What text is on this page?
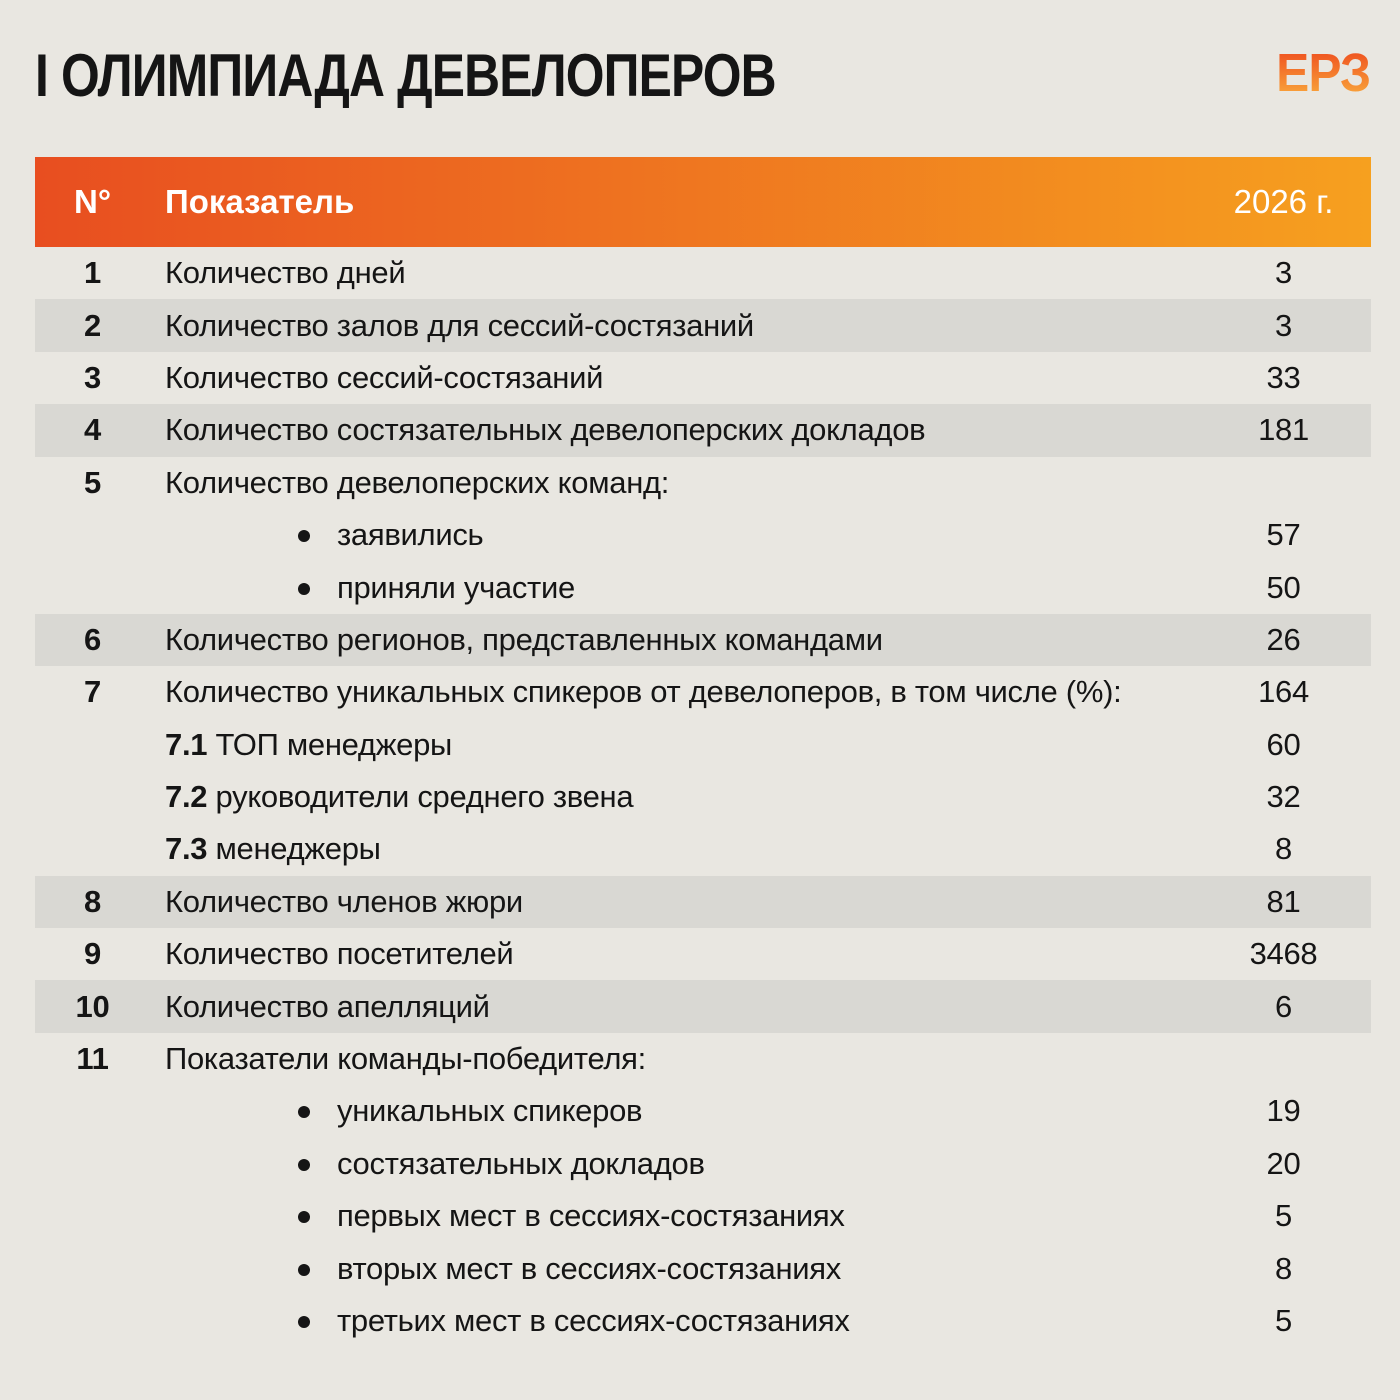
I ОЛИМПИАДА ДЕВЕЛОПЕРОВ	ЕРЗ
N°	Показатель	2026 г.
1	Количество дней	3
2	Количество залов для сессий-состязаний	3
3	Количество сессий-состязаний	33
4	Количество состязательных девелоперских докладов	181
5	Количество девелоперских команд:
заявились	57
приняли участие	50
6	Количество регионов, представленных командами	26
7	Количество уникальных спикеров от девелоперов, в том числе (%):	164
7.1 ТОП менеджеры	60
7.2 руководители среднего звена	32
7.3 менеджеры	8
8	Количество членов жюри	81
9	Количество посетителей	3468
10	Количество апелляций	6
11	Показатели команды-победителя:
уникальных спикеров	19
состязательных докладов	20
первых мест в сессиях-состязаниях	5
вторых мест в сессиях-состязаниях	8
третьих мест в сессиях-состязаниях	5
